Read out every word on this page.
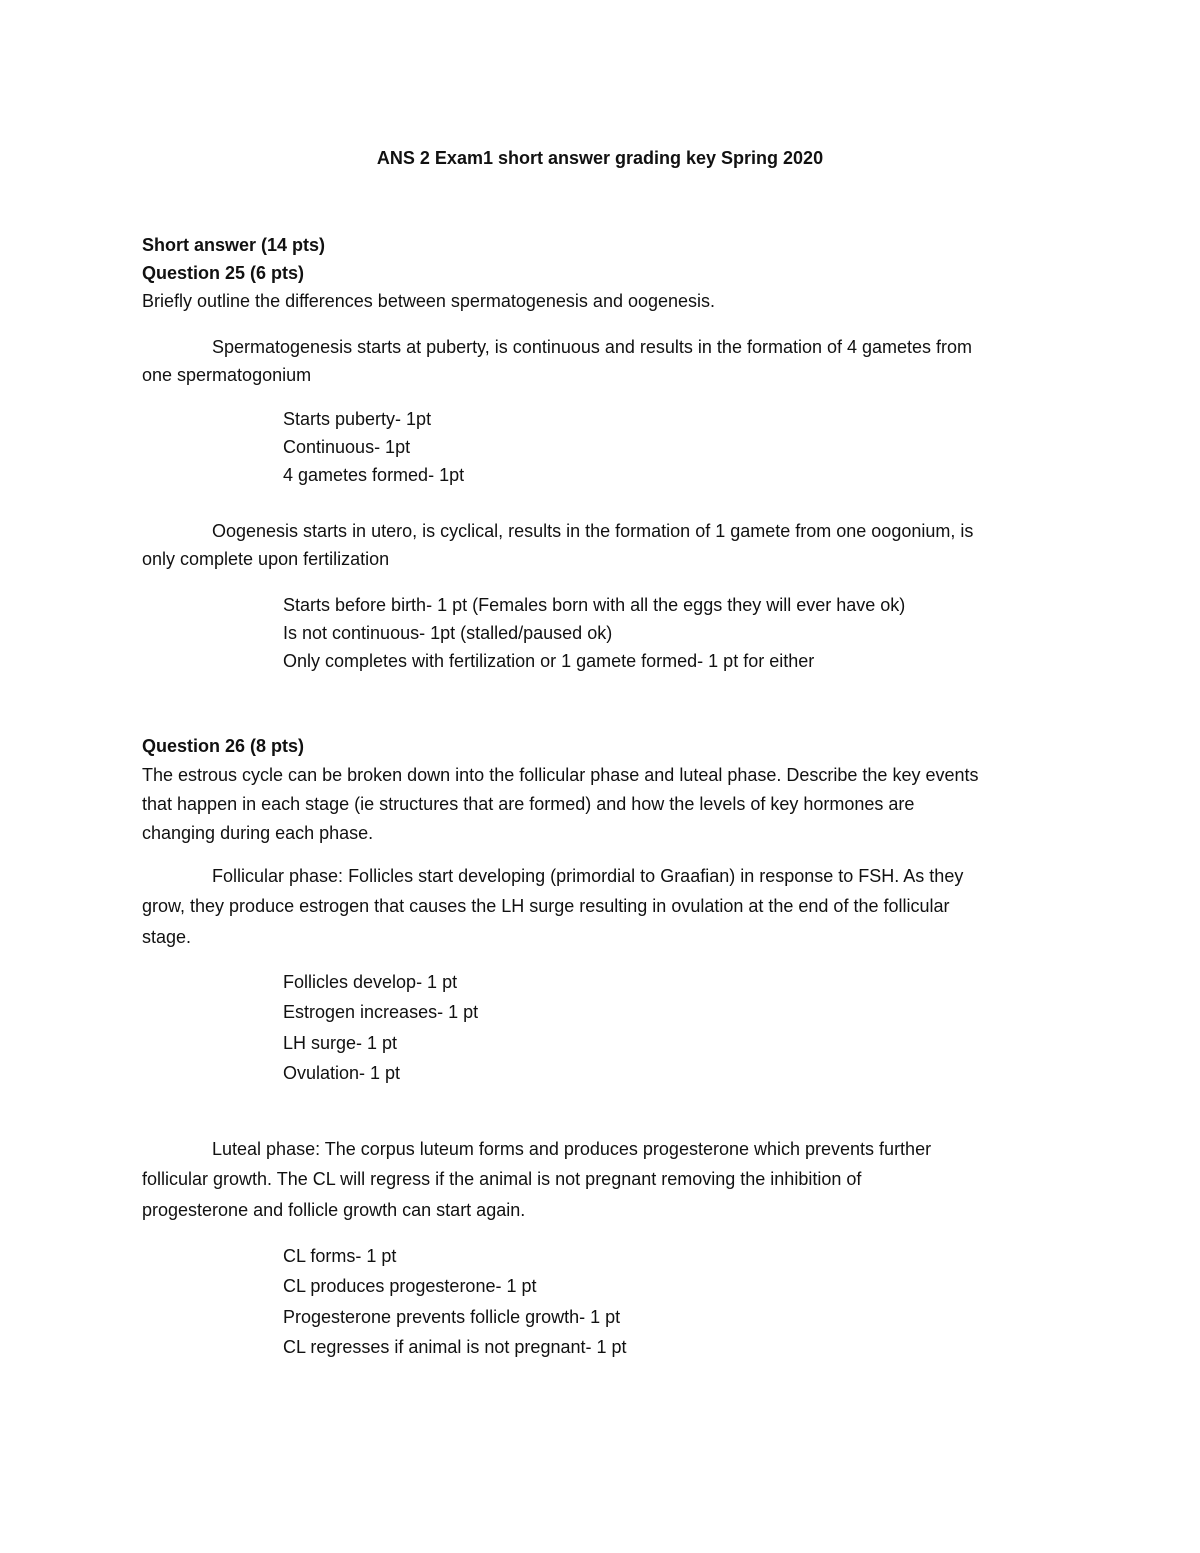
ANS 2 Exam1 short answer grading key Spring 2020
Short answer (14 pts)
Question 25 (6 pts)
Briefly outline the differences between spermatogenesis and oogenesis.
Spermatogenesis starts at puberty, is continuous and results in the formation of 4 gametes from
one spermatogonium
Starts puberty- 1pt
Continuous- 1pt
4 gametes formed- 1pt
Oogenesis starts in utero, is cyclical, results in the formation of 1 gamete from one oogonium, is
only complete upon fertilization
Starts before birth- 1 pt (Females born with all the eggs they will ever have ok)
Is not continuous- 1pt (stalled/paused ok)
Only completes with fertilization or 1 gamete formed- 1 pt for either
Question 26 (8 pts)
The estrous cycle can be broken down into the follicular phase and luteal phase. Describe the key events
that happen in each stage (ie structures that are formed) and how the levels of key hormones are
changing during each phase.
Follicular phase: Follicles start developing (primordial to Graafian) in response to FSH. As they
grow, they produce estrogen that causes the LH surge resulting in ovulation at the end of the follicular
stage.
Follicles develop- 1 pt
Estrogen increases- 1 pt
LH surge- 1 pt
Ovulation- 1 pt
Luteal phase: The corpus luteum forms and produces progesterone which prevents further
follicular growth. The CL will regress if the animal is not pregnant removing the inhibition of
progesterone and follicle growth can start again.
CL forms- 1 pt
CL produces progesterone- 1 pt
Progesterone prevents follicle growth- 1 pt
CL regresses if animal is not pregnant- 1 pt
